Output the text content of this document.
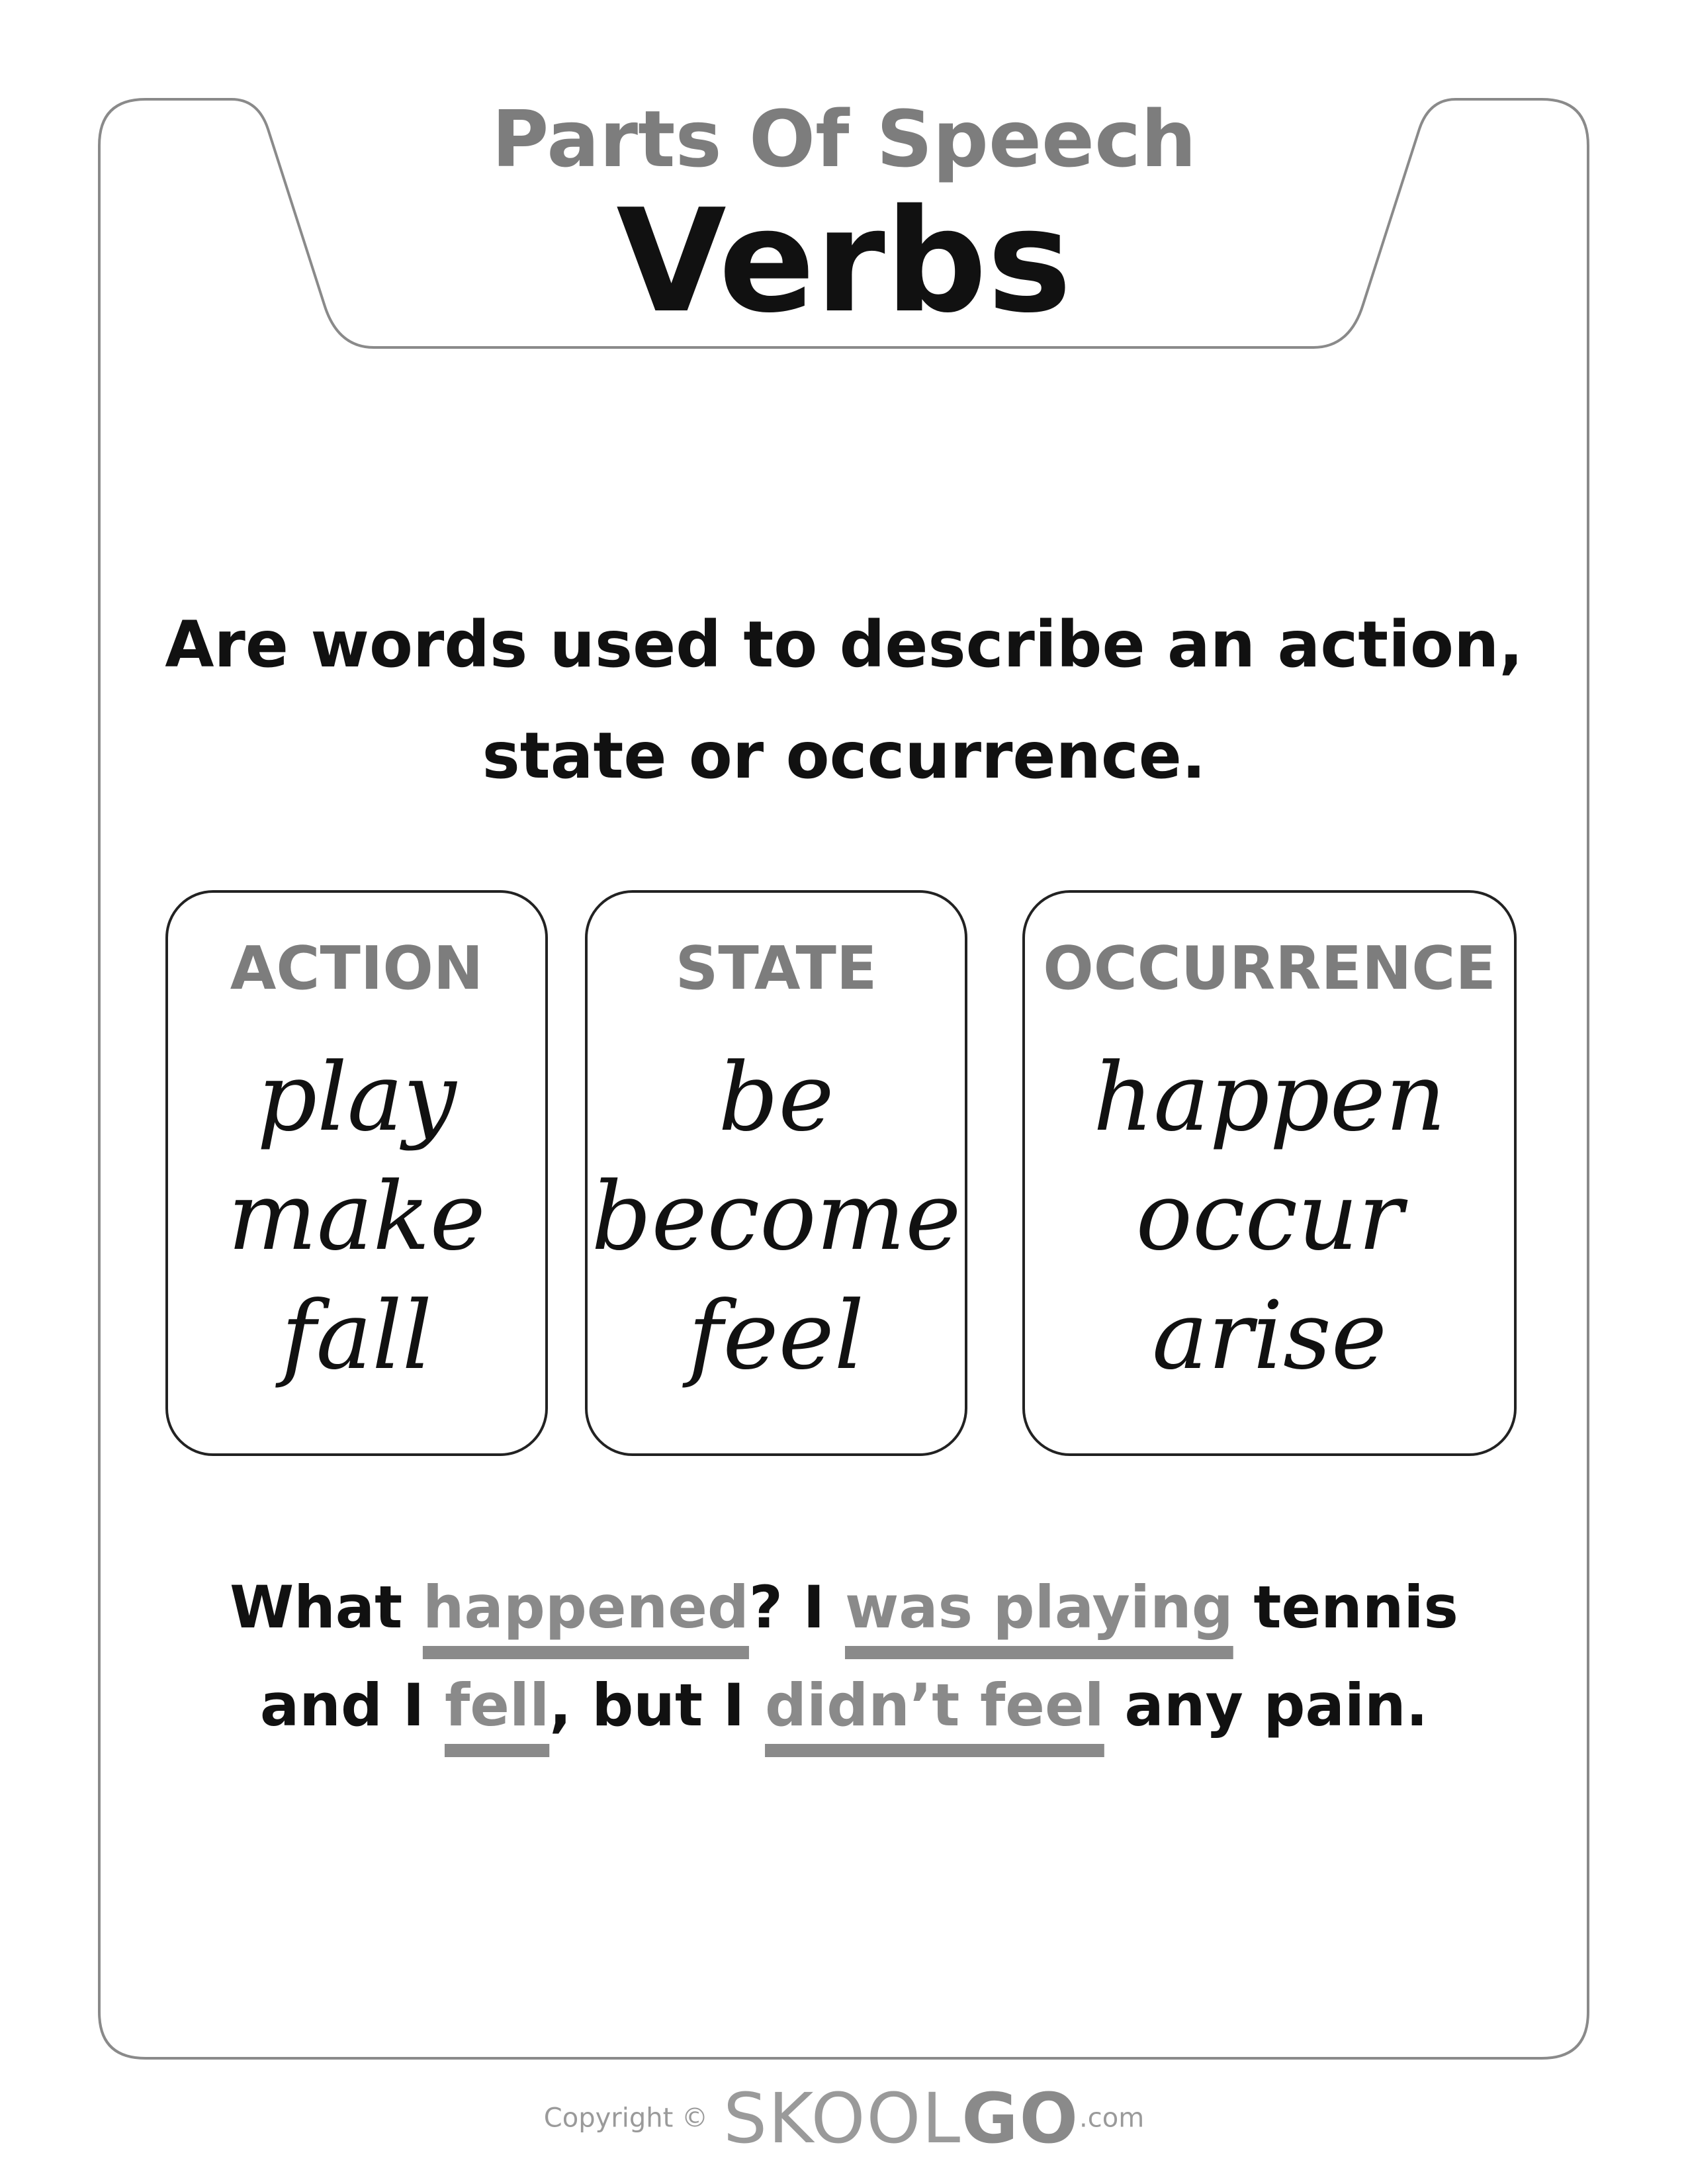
Parts Of Speech
Verbs
Are words used to describe an action,
state or occurrence.
ACTION
play
make
fall
STATE
be
become
feel
OCCURRENCE
happen
occur
arise
What happened? I was playing tennis
and I fell, but I didn’t feel any pain.
Copyright © SKOOLGO.com
